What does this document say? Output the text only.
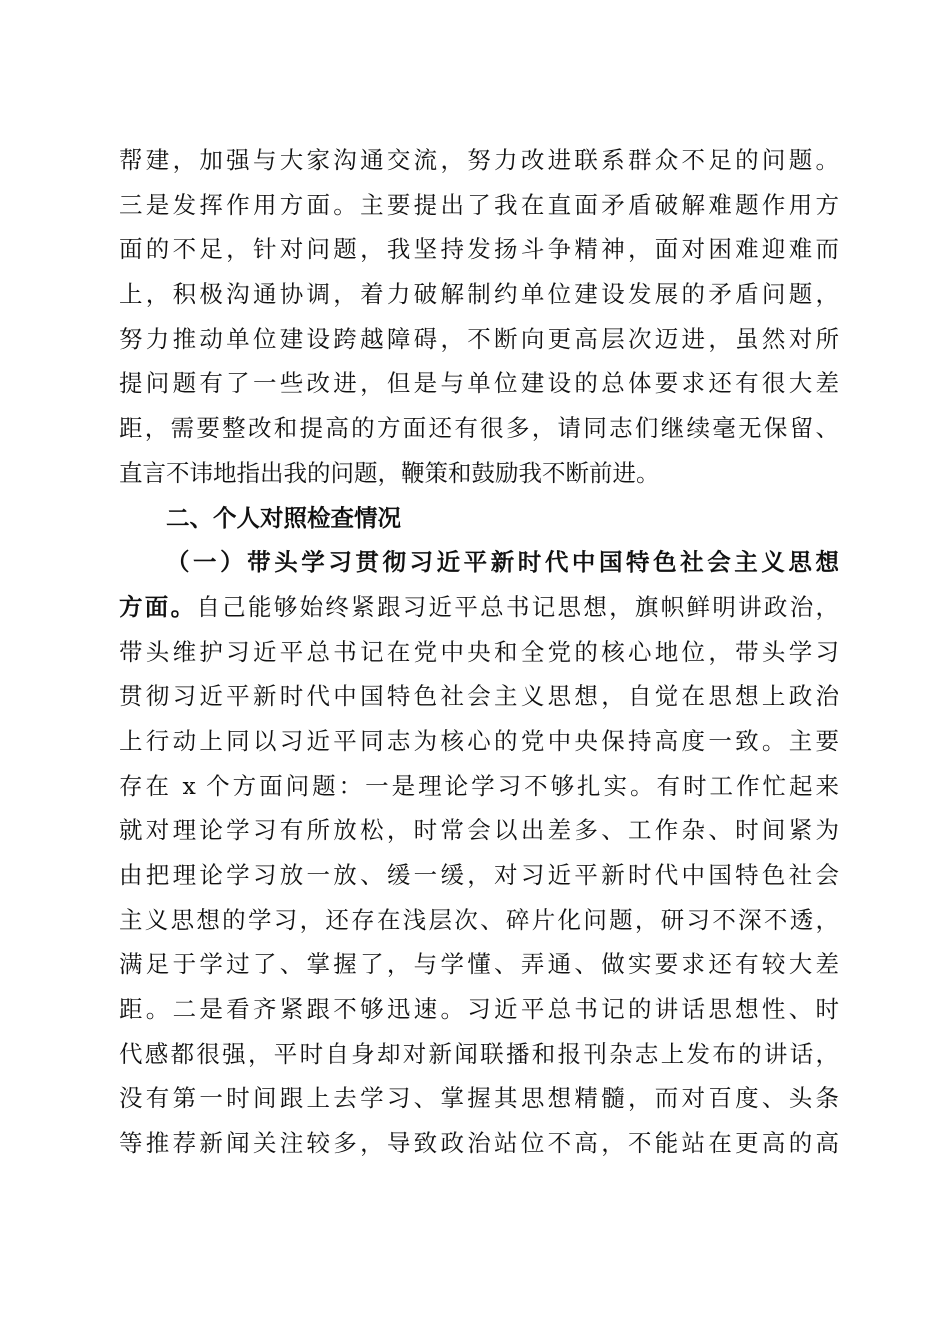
帮建，加强与大家沟通交流，努力改进联系群众不足的问题。
三是发挥作用方面。主要提出了我在直面矛盾破解难题作用方
面的不足，针对问题，我坚持发扬斗争精神，面对困难迎难而
上，积极沟通协调，着力破解制约单位建设发展的矛盾问题，
努力推动单位建设跨越障碍，不断向更高层次迈进，虽然对所
提问题有了一些改进，但是与单位建设的总体要求还有很大差
距，需要整改和提高的方面还有很多，请同志们继续毫无保留、
直言不讳地指出我的问题，鞭策和鼓励我不断前进。
二、个人对照检查情况
（一）带头学习贯彻习近平新时代中国特色社会主义思想
方面。自己能够始终紧跟习近平总书记思想，旗帜鲜明讲政治，
带头维护习近平总书记在党中央和全党的核心地位，带头学习
贯彻习近平新时代中国特色社会主义思想，自觉在思想上政治
上行动上同以习近平同志为核心的党中央保持高度一致。主要
存在 x 个方面问题：一是理论学习不够扎实。有时工作忙起来
就对理论学习有所放松，时常会以出差多、工作杂、时间紧为
由把理论学习放一放、缓一缓，对习近平新时代中国特色社会
主义思想的学习，还存在浅层次、碎片化问题，研习不深不透，
满足于学过了、掌握了，与学懂、弄通、做实要求还有较大差
距。二是看齐紧跟不够迅速。习近平总书记的讲话思想性、时
代感都很强，平时自身却对新闻联播和报刊杂志上发布的讲话，
没有第一时间跟上去学习、掌握其思想精髓，而对百度、头条
等推荐新闻关注较多，导致政治站位不高，不能站在更高的高
